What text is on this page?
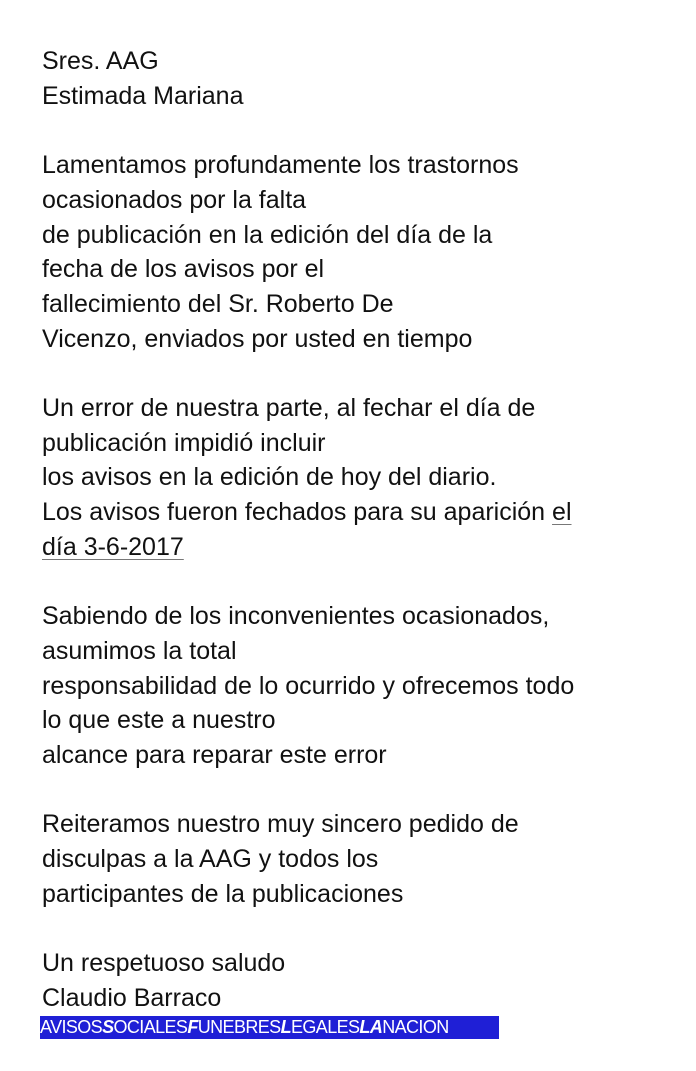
Sres. AAG
Estimada Mariana
Lamentamos profundamente los trastornos
ocasionados por la falta
de publicación en la edición del día de la
fecha de los avisos por el
fallecimiento del Sr. Roberto De
Vicenzo, enviados por usted en tiempo
Un error de nuestra parte, al fechar el día de
publicación impidió incluir
los avisos en la edición de hoy del diario.
Los avisos fueron fechados para su aparición el
día 3-6-2017
Sabiendo de los inconvenientes ocasionados,
asumimos la total
responsabilidad de lo ocurrido y ofrecemos todo
lo que este a nuestro
alcance para reparar este error
Reiteramos nuestro muy sincero pedido de
disculpas a la AAG y todos los
participantes de la publicaciones
Un respetuoso saludo
Claudio Barraco
AVISOSSOCIALESFUNEBRESLEGALESLANACION
